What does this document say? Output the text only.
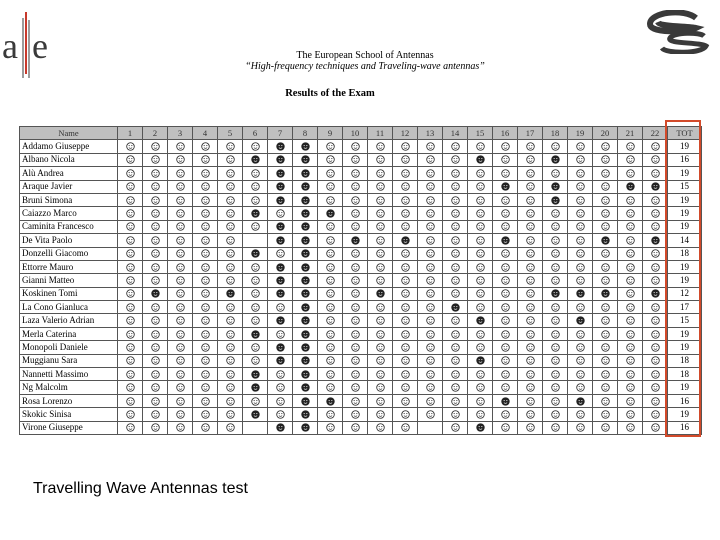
a e	The European School of Antennas
“High-frequency techniques and Traveling-wave antennas”
Results of the Exam
Name	1	2	3	4	5	6	7	8	9	10	11	12	13	14	15	16	17	18	19	20	21	22	TOT
Addamo Giuseppe																							19
Albano Nicola																							16
Alù Andrea																							19
Araque Javier																							15
Bruni Simona																							19
Caiazzo Marco																							19
Caminita Francesco																							19
De Vita Paolo																							14
Donzelli Giacomo																							18
Ettorre Mauro																							19
Gianni Matteo																							19
Koskinen Tomi																							12
La Cono Gianluca																							17
Laza Valerio Adrian																							15
Merla Caterina																							19
Monopoli Daniele																							19
Muggianu Sara																							18
Nannetti Massimo																							18
Ng Malcolm																							19
Rosa Lorenzo																							16
Skokic Sinisa																							19
Virone Giuseppe																							16
Travelling Wave Antennas test
